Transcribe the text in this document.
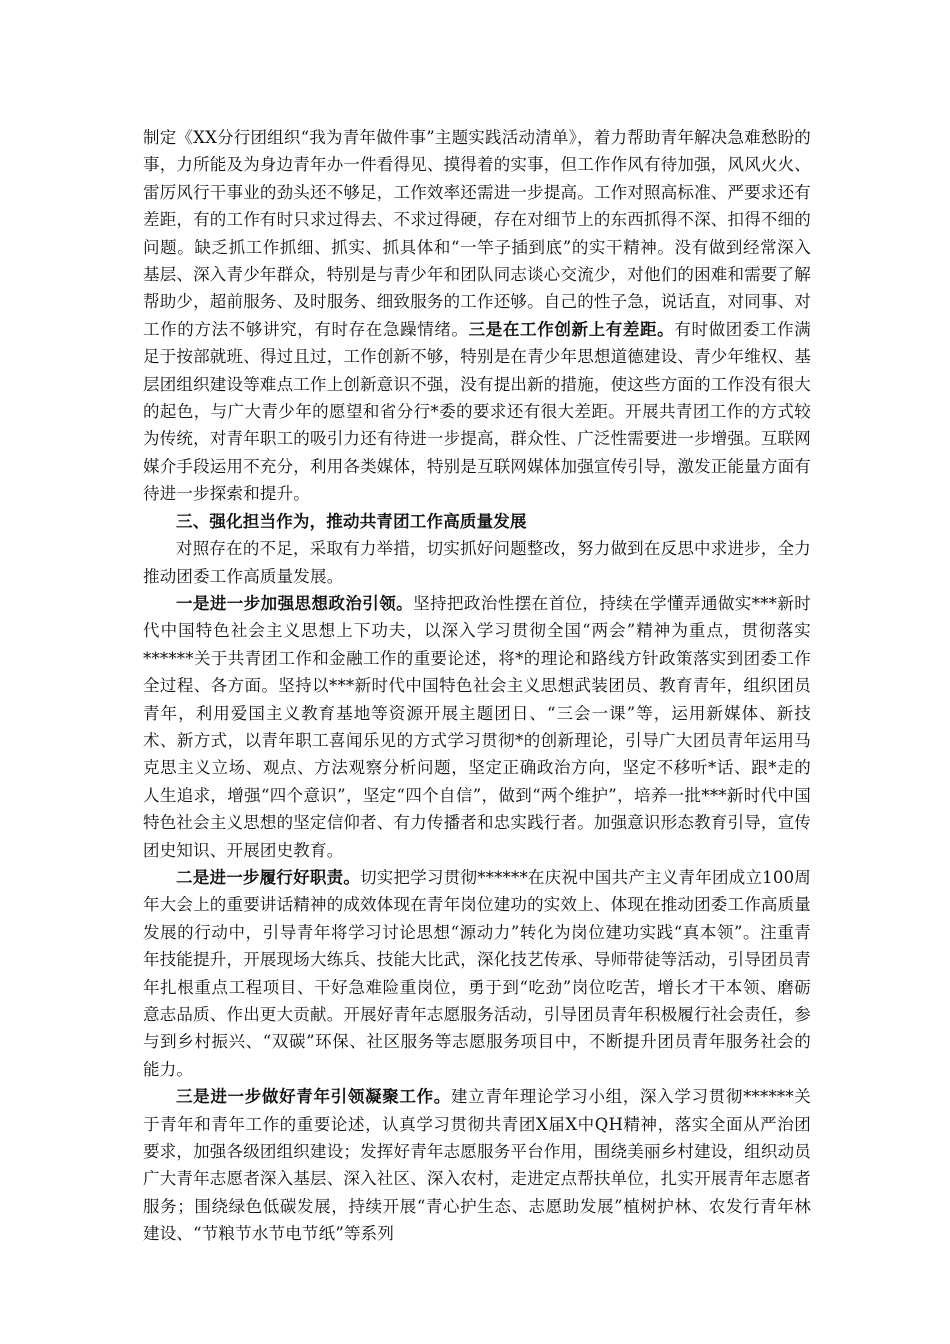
制定《XX分行团组织“我为青年做件事”主题实践活动清单》，着力帮助青年解决急难愁盼的事，力所能及为身边青年办一件看得见、摸得着的实事，但工作作风有待加强，风风火火、雷厉风行干事业的劲头还不够足，工作效率还需进一步提高。工作对照高标准、严要求还有差距，有的工作有时只求过得去、不求过得硬，存在对细节上的东西抓得不深、扣得不细的问题。缺乏抓工作抓细、抓实、抓具体和“一竿子插到底”的实干精神。没有做到经常深入基层、深入青少年群众，特别是与青少年和团队同志谈心交流少，对他们的困难和需要了解帮助少，超前服务、及时服务、细致服务的工作还够。自己的性子急，说话直，对同事、对工作的方法不够讲究，有时存在急躁情绪。三是在工作创新上有差距。有时做团委工作满足于按部就班、得过且过，工作创新不够，特别是在青少年思想道德建设、青少年维权、基层团组织建设等难点工作上创新意识不强，没有提出新的措施，使这些方面的工作没有很大的起色，与广大青少年的愿望和省分行*委的要求还有很大差距。开展共青团工作的方式较为传统，对青年职工的吸引力还有待进一步提高，群众性、广泛性需要进一步增强。互联网媒介手段运用不充分，利用各类媒体，特别是互联网媒体加强宣传引导，激发正能量方面有待进一步探索和提升。

三、强化担当作为，推动共青团工作高质量发展

对照存在的不足，采取有力举措，切实抓好问题整改，努力做到在反思中求进步，全力推动团委工作高质量发展。

一是进一步加强思想政治引领。坚持把政治性摆在首位，持续在学懂弄通做实***新时代中国特色社会主义思想上下功夫，以深入学习贯彻全国“两会”精神为重点，贯彻落实******关于共青团工作和金融工作的重要论述，将*的理论和路线方针政策落实到团委工作全过程、各方面。坚持以***新时代中国特色社会主义思想武装团员、教育青年，组织团员青年，利用爱国主义教育基地等资源开展主题团日、“三会一课”等，运用新媒体、新技术、新方式，以青年职工喜闻乐见的方式学习贯彻*的创新理论，引导广大团员青年运用马克思主义立场、观点、方法观察分析问题，坚定正确政治方向，坚定不移听*话、跟*走的人生追求，增强“四个意识”，坚定“四个自信”，做到“两个维护”，培养一批***新时代中国特色社会主义思想的坚定信仰者、有力传播者和忠实践行者。加强意识形态教育引导，宣传团史知识、开展团史教育。

二是进一步履行好职责。切实把学习贯彻******在庆祝中国共产主义青年团成立100周年大会上的重要讲话精神的成效体现在青年岗位建功的实效上、体现在推动团委工作高质量发展的行动中，引导青年将学习讨论思想“源动力”转化为岗位建功实践“真本领”。注重青年技能提升，开展现场大练兵、技能大比武，深化技艺传承、导师带徒等活动，引导团员青年扎根重点工程项目、干好急难险重岗位，勇于到“吃劲”岗位吃苦，增长才干本领、磨砺意志品质、作出更大贡献。开展好青年志愿服务活动，引导团员青年积极履行社会责任，参与到乡村振兴、“双碳”环保、社区服务等志愿服务项目中，不断提升团员青年服务社会的能力。

三是进一步做好青年引领凝聚工作。建立青年理论学习小组，深入学习贯彻******关于青年和青年工作的重要论述，认真学习贯彻共青团X届X中QH精神，落实全面从严治团要求，加强各级团组织建设；发挥好青年志愿服务平台作用，围绕美丽乡村建设，组织动员广大青年志愿者深入基层、深入社区、深入农村，走进定点帮扶单位，扎实开展青年志愿者服务；围绕绿色低碳发展，持续开展“青心护生态、志愿助发展”植树护林、农发行青年林建设、“节粮节水节电节纸”等系列
